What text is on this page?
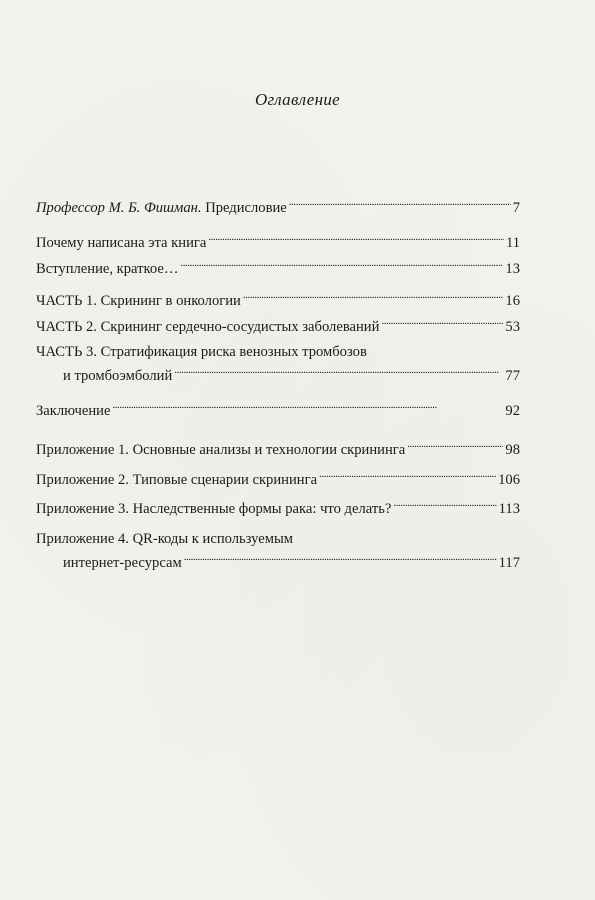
Оглавление
Профессор М. Б. Фишман. Предисловие . . .	7
Почему написана эта книга . . .	11
Вступление, краткое… . . .	13
ЧАСТЬ 1. Скрининг в онкологии . . .	16
ЧАСТЬ 2. Скрининг сердечно-сосудистых заболеваний . . .	53
ЧАСТЬ 3. Стратификация риска венозных тромбозов
и тромбоэмболий . . .	77
Заключение . . .	92
Приложение 1. Основные анализы и технологии скрининга . . .	98
Приложение 2. Типовые сценарии скрининга . . .	106
Приложение 3. Наследственные формы рака: что делать? . . .	113
Приложение 4. QR-коды к используемым
интернет-ресурсам . . .	117
